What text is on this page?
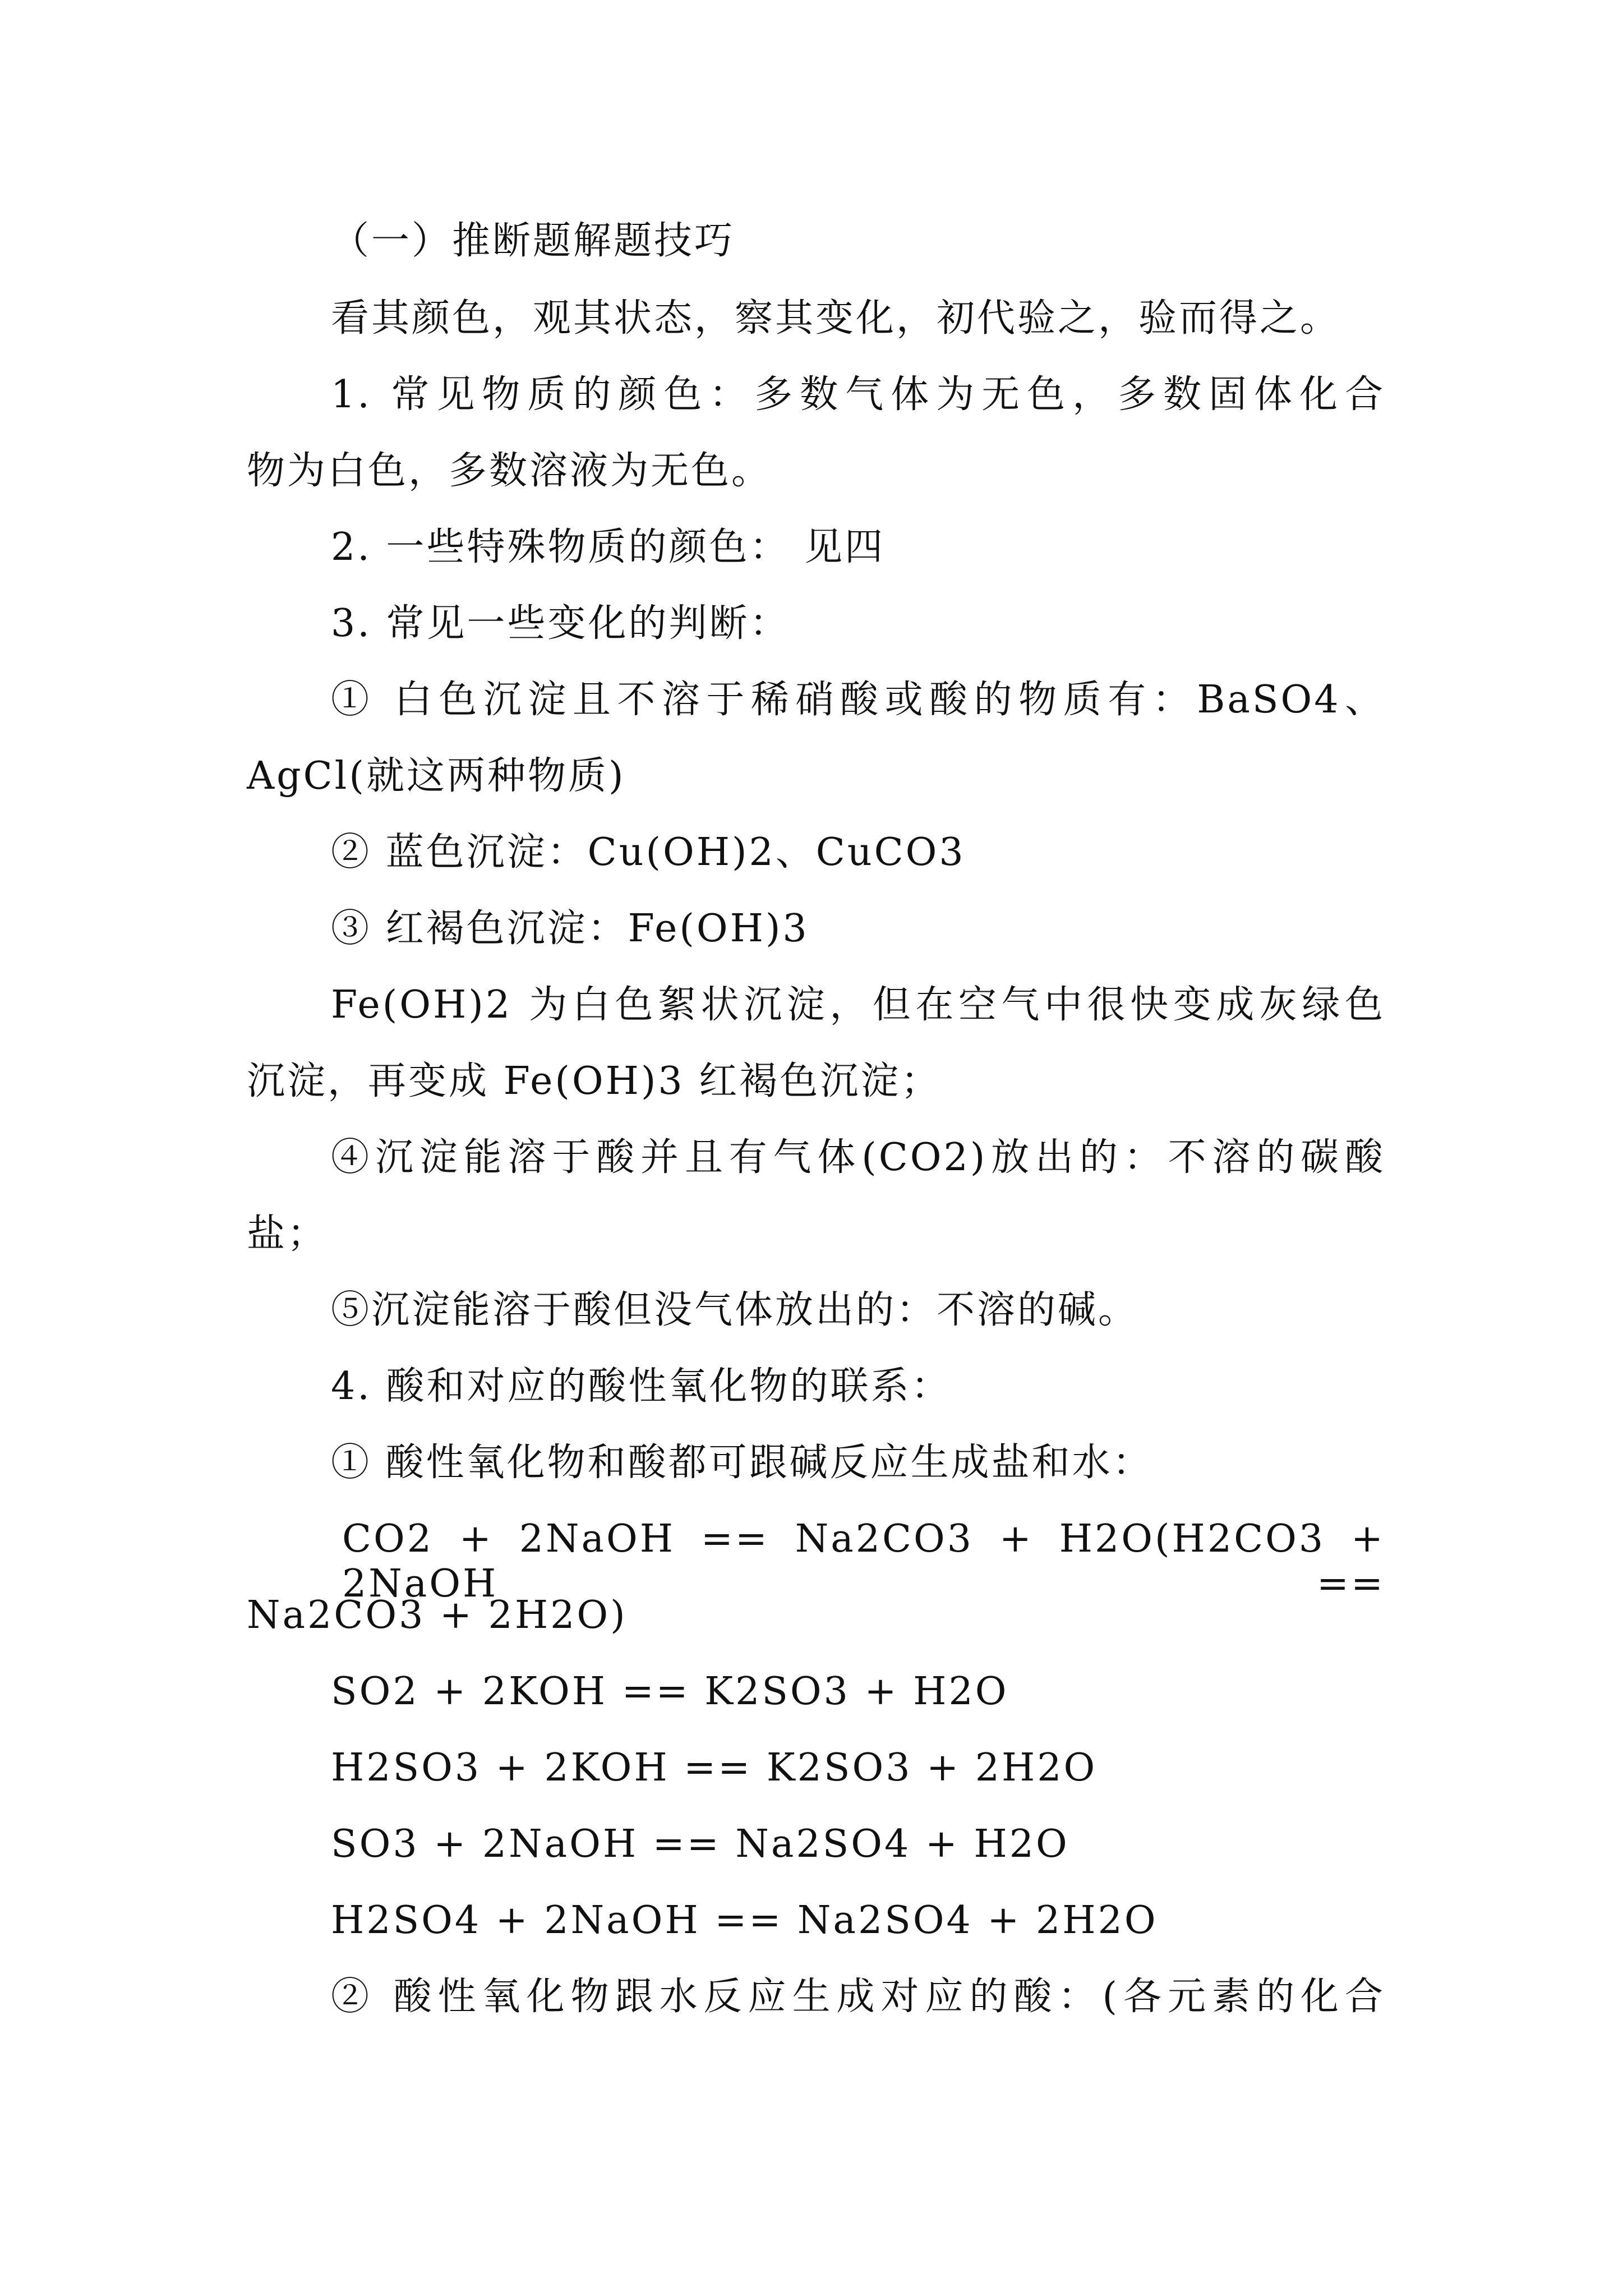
（一）推断题解题技巧
看其颜色，观其状态，察其变化，初代验之，验而得之。
1. 常见物质的颜色：多数气体为无色，多数固体化合
物为白色，多数溶液为无色。
2. 一些特殊物质的颜色： 见四
3. 常见一些变化的判断：
① 白色沉淀且不溶于稀硝酸或酸的物质有：BaSO4、
AgCl(就这两种物质)
② 蓝色沉淀：Cu(OH)2、CuCO3
③ 红褐色沉淀：Fe(OH)3
Fe(OH)2 为白色絮状沉淀，但在空气中很快变成灰绿色
沉淀，再变成 Fe(OH)3 红褐色沉淀；
④沉淀能溶于酸并且有气体(CO2)放出的：不溶的碳酸
盐；
⑤沉淀能溶于酸但没气体放出的：不溶的碱。
4. 酸和对应的酸性氧化物的联系：
① 酸性氧化物和酸都可跟碱反应生成盐和水：
CO2 + 2NaOH == Na2CO3 + H2O(H2CO3 + 2NaOH ==
Na2CO3 + 2H2O)
SO2 + 2KOH == K2SO3 + H2O
H2SO3 + 2KOH == K2SO3 + 2H2O
SO3 + 2NaOH == Na2SO4 + H2O
H2SO4 + 2NaOH == Na2SO4 + 2H2O
② 酸性氧化物跟水反应生成对应的酸：(各元素的化合
